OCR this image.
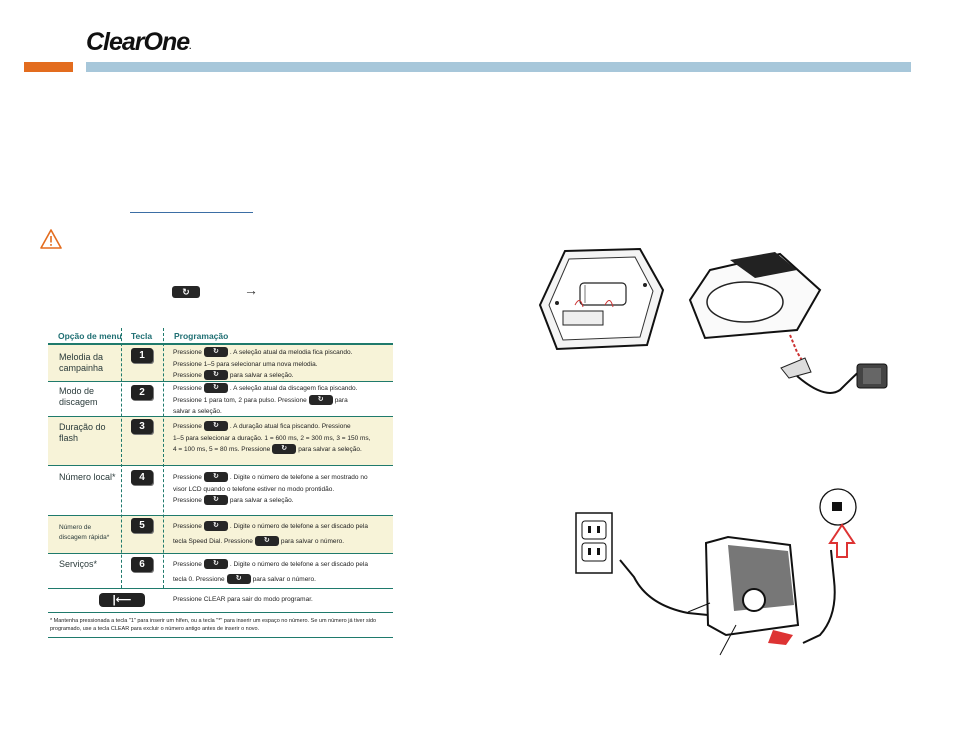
ClearOne.
↻	→
Opção de menu Tecla	Programação
Melodia da campainha
1	Pressione ↻ . A seleção atual da melodia fica piscando.
Pressione 1–5 para selecionar uma nova melodia.
Pressione ↻ para salvar a seleção.
Modo de discagem
2	Pressione ↻ . A seleção atual da discagem fica piscando.
Pressione 1 para tom, 2 para pulso. Pressione ↻ para
salvar a seleção.
Duração do flash
3	Pressione ↻ . A duração atual fica piscando. Pressione
1–5 para selecionar a duração. 1 = 600 ms, 2 = 300 ms, 3 = 150 ms,
4 = 100 ms, 5 = 80 ms. Pressione ↻ para salvar a seleção.
Número local*	4	Pressione ↻ . Digite o número de telefone a ser mostrado no
visor LCD quando o telefone estiver no modo prontidão.
Pressione ↻ para salvar a seleção.
Número de discagem rápida*
5	Pressione ↻ . Digite o número de telefone a ser discado pela
tecla Speed Dial. Pressione ↻ para salvar o número.
Serviços*	6	Pressione ↻ . Digite o número de telefone a ser discado pela
tecla 0. Pressione ↻ para salvar o número.
|⟵	Pressione CLEAR para sair do modo programar.
* Mantenha pressionada a tecla "1" para inserir um hífen, ou a tecla "*" para inserir um espaço no número. Se um número já tiver sido programado, use a tecla CLEAR para excluir o número antigo antes de inserir o novo.
